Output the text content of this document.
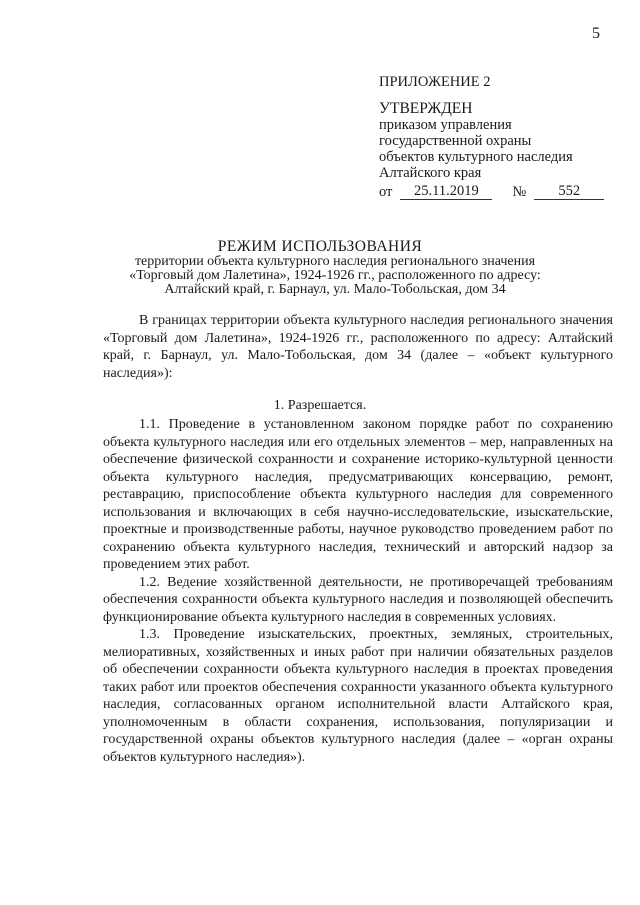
5
ПРИЛОЖЕНИЕ 2
УТВЕРЖДЕН
приказом управления
государственной охраны
объектов культурного наследия
Алтайского края
от	25.11.2019	№	552
РЕЖИМ ИСПОЛЬЗОВАНИЯ
территории объекта культурного наследия регионального значения
«Торговый дом Лалетина», 1924-1926 гг., расположенного по адресу:
Алтайский край, г. Барнаул, ул. Мало-Тобольская, дом 34

В границах территории объекта культурного наследия регионального значения «Торговый дом Лалетина», 1924-1926 гг., расположенного по адресу: Алтайский край, г. Барнаул, ул. Мало-Тобольская, дом 34 (далее – «объект культурного наследия»):

1. Разрешается.

1.1. Проведение в установленном законом порядке работ по сохранению объекта культурного наследия или его отдельных элементов – мер, направленных на обеспечение физической сохранности и сохранение историко-культурной ценности объекта культурного наследия, предусматривающих консервацию, ремонт, реставрацию, приспособление объекта культурного наследия для современного использования и включающих в себя научно-исследовательские, изыскательские, проектные и производственные работы, научное руководство проведением работ по сохранению объекта культурного наследия, технический и авторский надзор за проведением этих работ.

1.2. Ведение хозяйственной деятельности, не противоречащей требованиям обеспечения сохранности объекта культурного наследия и позволяющей обеспечить функционирование объекта культурного наследия в современных условиях.

1.3. Проведение изыскательских, проектных, земляных, строительных, мелиоративных, хозяйственных и иных работ при наличии обязательных разделов об обеспечении сохранности объекта культурного наследия в проектах проведения таких работ или проектов обеспечения сохранности указанного объекта культурного наследия, согласованных органом исполнительной власти Алтайского края, уполномоченным в области сохранения, использования, популяризации и государственной охраны объектов культурного наследия (далее – «орган охраны объектов культурного наследия»).
